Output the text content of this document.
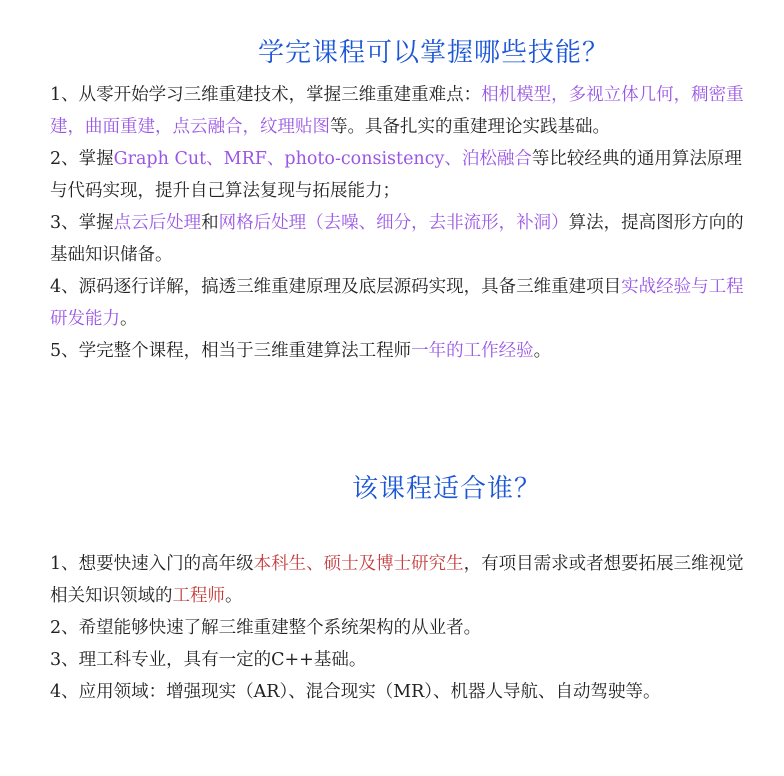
学完课程可以掌握哪些技能？
1、从零开始学习三维重建技术，掌握三维重建重难点：相机模型，多视立体几何，稠密重建，曲面重建，点云融合，纹理贴图等。具备扎实的重建理论实践基础。
2、掌握Graph Cut、MRF、photo-consistency、泊松融合等比较经典的通用算法原理与代码实现，提升自己算法复现与拓展能力；
3、掌握点云后处理和网格后处理（去噪、细分，去非流形，补洞）算法，提高图形方向的基础知识储备。
4、源码逐行详解，搞透三维重建原理及底层源码实现，具备三维重建项目实战经验与工程研发能力。
5、学完整个课程，相当于三维重建算法工程师一年的工作经验。
该课程适合谁？
1、想要快速入门的高年级本科生、硕士及博士研究生，有项目需求或者想要拓展三维视觉相关知识领域的工程师。
2、希望能够快速了解三维重建整个系统架构的从业者。
3、理工科专业，具有一定的C++基础。
4、应用领域：增强现实（AR）、混合现实（MR）、机器人导航、自动驾驶等。
